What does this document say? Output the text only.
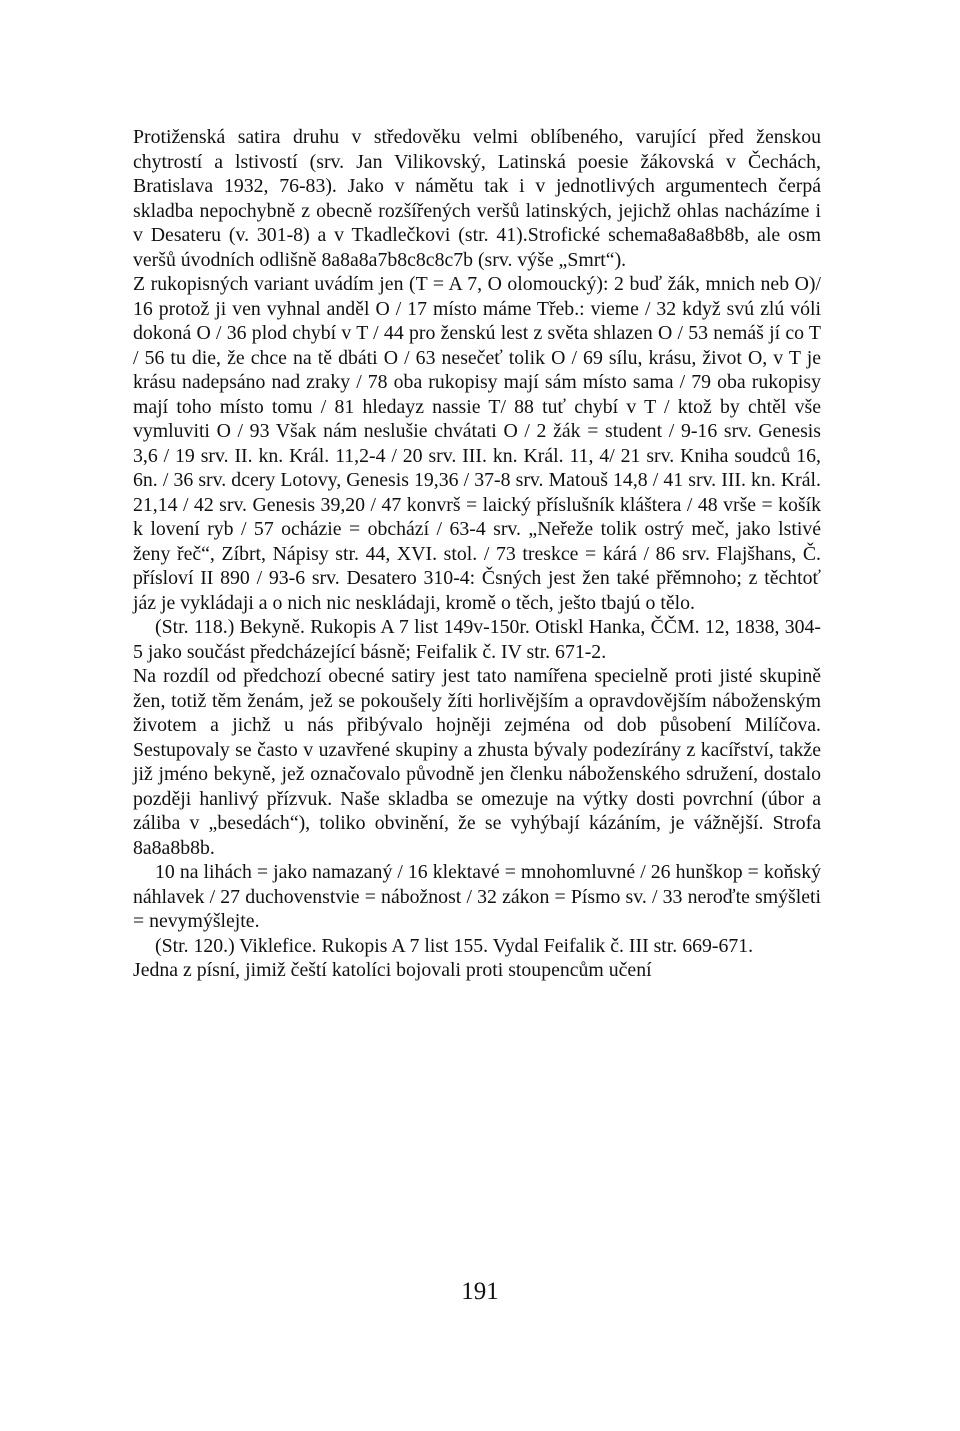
Protiženská satira druhu v středověku velmi oblíbeného, varující před ženskou chytrostí a lstivostí (srv. Jan Vilikovský, Latinská poesie žákovská v Čechách, Bratislava 1932, 76-83). Jako v námětu tak i v jednotlivých argumentech čerpá skladba nepochybně z obecně rozšířených veršů latinských, jejichž ohlas nacházíme i v Desateru (v. 301-8) a v Tkadlečkovi (str. 41).Strofické schema8a8a8b8b, ale osm veršů úvodních odlišně 8a8a8a7b8c8c8c7b (srv. výše „Smrt“).

Z rukopisných variant uvádím jen (T = A 7, O olomoucký): 2 buď žák, mnich neb O)/ 16 protož ji ven vyhnal anděl O / 17 místo máme Třeb.: vieme / 32 když svú zlú vóli dokoná O / 36 plod chybí v T / 44 pro ženskú lest z světa shlazen O / 53 nemáš jí co T / 56 tu die, že chce na tě dbáti O / 63 nesečeť tolik O / 69 sílu, krásu, život O, v T je krásu nadepsáno nad zraky / 78 oba rukopisy mají sám místo sama / 79 oba rukopisy mají toho místo tomu / 81 hledayz nassie T/ 88 tuť chybí v T / ktož by chtěl vše vymluviti O / 93 Však nám neslušie chvátati O / 2 žák = student / 9-16 srv. Genesis 3,6 / 19 srv. II. kn. Král. 11,2-4 / 20 srv. III. kn. Král. 11, 4/ 21 srv. Kniha soudců 16, 6n. / 36 srv. dcery Lotovy, Genesis 19,36 / 37-8 srv. Matouš 14,8 / 41 srv. III. kn. Král. 21,14 / 42 srv. Genesis 39,20 / 47 konvrš = laický příslušník kláštera / 48 vrše = košík k lovení ryb / 57 ocházie = obchází / 63-4 srv. „Neřeže tolik ostrý meč, jako lstivé ženy řeč“, Zíbrt, Nápisy str. 44, XVI. stol. / 73 treskce = kárá / 86 srv. Flajšhans, Č. přísloví II 890 / 93-6 srv. Desatero 310-4: Čsných jest žen také přěmnoho; z těchtoť jáz je vykládaji a o nich nic neskládaji, kromě o těch, ješto tbajú o tělo.

(Str. 118.) Bekyně. Rukopis A 7 list 149v-150r. Otiskl Hanka, ČČM. 12, 1838, 304-5 jako součást předcházející básně; Feifalik č. IV str. 671-2.

Na rozdíl od předchozí obecné satiry jest tato namířena specielně proti jisté skupině žen, totiž těm ženám, jež se pokoušely žíti horlivějším a opravdovějším náboženským životem a jichž u nás přibývalo hojněji zejména od dob působení Milíčova. Sestupovaly se často v uzavřené skupiny a zhusta bývaly podezírány z kacířství, takže již jméno bekyně, jež označovalo původně jen členku náboženského sdružení, dostalo později hanlivý přízvuk. Naše skladba se omezuje na výtky dosti povrchní (úbor a záliba v „besedách“), toliko obvinění, že se vyhýbají kázáním, je vážnější. Strofa 8a8a8b8b.

10 na lihách = jako namazaný / 16 klektavé = mnohomluvné / 26 hunškop = koňský náhlavek / 27 duchovenstvie = nábožnost / 32 zákon = Písmo sv. / 33 neroďte smýšleti = nevymýšlejte.

(Str. 120.) Viklefice. Rukopis A 7 list 155. Vydal Feifalik č. III str. 669-671.

Jedna z písní, jimiž čeští katolíci bojovali proti stoupencům učení

191
